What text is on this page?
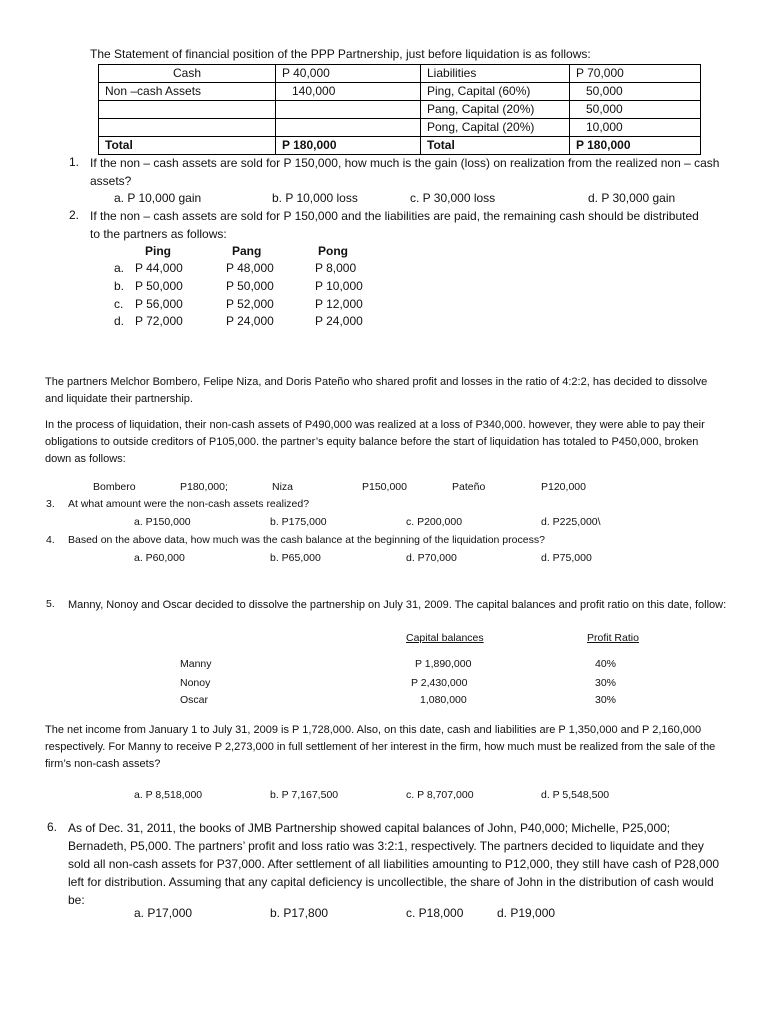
The Statement of financial position of the PPP Partnership, just before liquidation is as follows:
Cash	P 40,000	Liabilities	P 70,000
Non –cash Assets	140,000	Ping, Capital (60%)	50,000
		Pang, Capital (20%)	50,000
		Pong, Capital (20%)	10,000
Total	P 180,000	Total	P 180,000
1. If the non – cash assets are sold for P 150,000, how much is the gain (loss) on realization from the realized non – cash assets?
a. P 10,000 gain	b. P 10,000 loss	c. P 30,000 loss	d. P 30,000 gain
2. If the non – cash assets are sold for P 150,000 and the liabilities are paid, the remaining cash should be distributed to the partners as follows:
Ping	Pang	Pong
a. P 44,000	P 48,000	P 8,000
b. P 50,000	P 50,000	P 10,000
c. P 56,000	P 52,000	P 12,000
d. P 72,000	P 24,000	P 24,000
The partners Melchor Bombero, Felipe Niza, and Doris Pateño who shared profit and losses in the ratio of 4:2:2, has decided to dissolve and liquidate their partnership.
In the process of liquidation, their non-cash assets of P490,000 was realized at a loss of P340,000. however, they were able to pay their obligations to outside creditors of P105,000. the partner’s equity balance before the start of liquidation has totaled to P450,000, broken down as follows:
Bombero	P180,000;	Niza	P150,000	Pateño	P120,000
3. At what amount were the non-cash assets realized?
a. P150,000	b. P175,000	c. P200,000	d. P225,000\
4. Based on the above data, how much was the cash balance at the beginning of the liquidation process?
a. P60,000	b. P65,000	d. P70,000	d. P75,000
5. Manny, Nonoy and Oscar decided to dissolve the partnership on July 31, 2009. The capital balances and profit ratio on this date, follow:
Capital balances	Profit Ratio
Manny	P 1,890,000	40%
Nonoy	P 2,430,000	30%
Oscar	1,080,000	30%
The net income from January 1 to July 31, 2009 is P 1,728,000. Also, on this date, cash and liabilities are P 1,350,000 and P 2,160,000 respectively. For Manny to receive P 2,273,000 in full settlement of her interest in the firm, how much must be realized from the sale of the firm’s non-cash assets?
a. P 8,518,000	b. P 7,167,500	c. P 8,707,000	d. P 5,548,500
6. As of Dec. 31, 2011, the books of JMB Partnership showed capital balances of John, P40,000; Michelle, P25,000; Bernadeth, P5,000. The partners’ profit and loss ratio was 3:2:1, respectively. The partners decided to liquidate and they sold all non-cash assets for P37,000. After settlement of all liabilities amounting to P12,000, they still have cash of P28,000 left for distribution. Assuming that any capital deficiency is uncollectible, the share of John in the distribution of cash would be:
a. P17,000	b. P17,800	c. P18,000	d. P19,000
